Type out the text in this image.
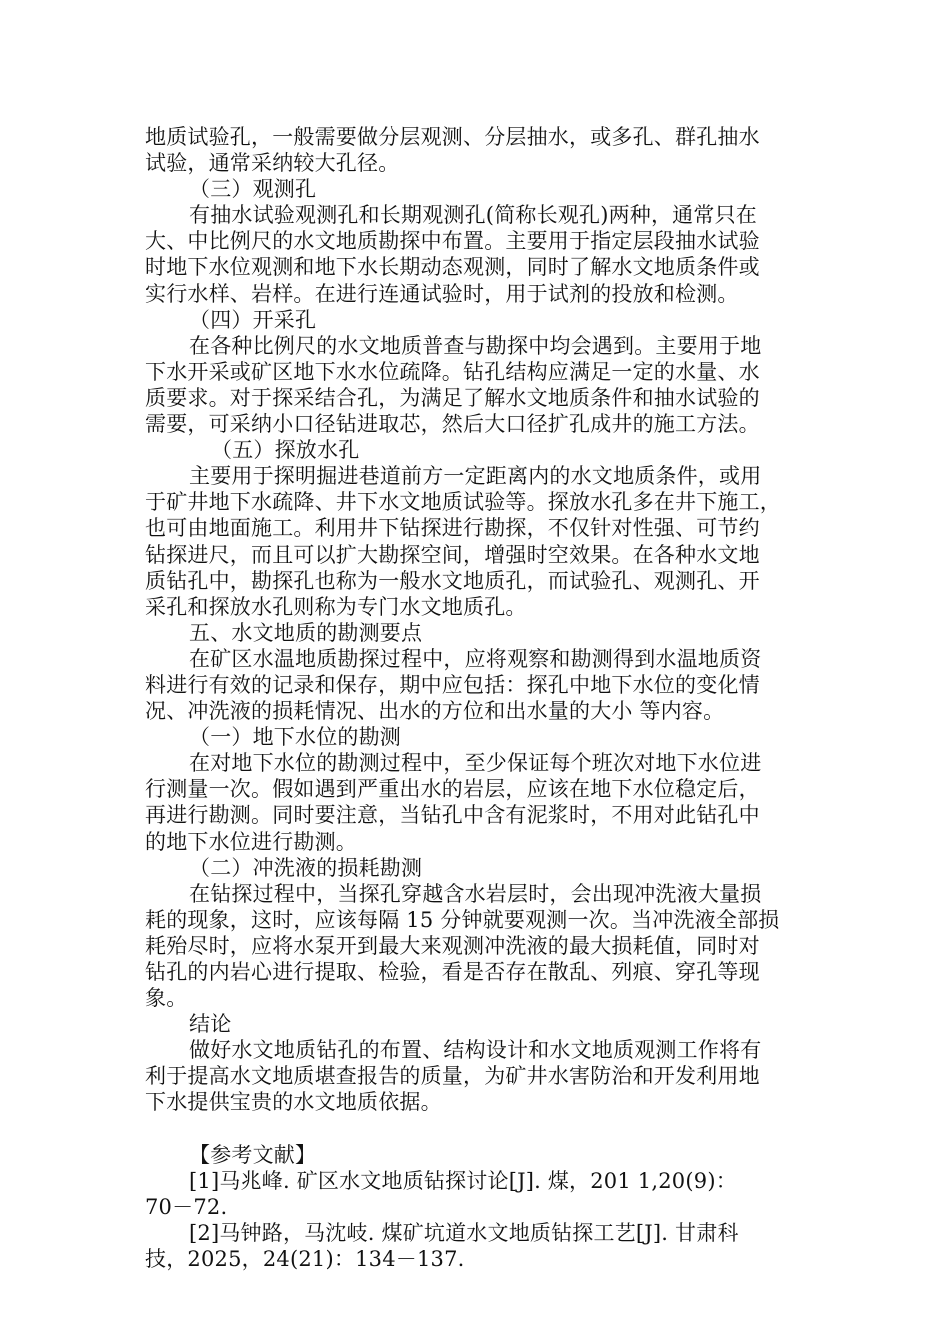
地质试验孔，一般需要做分层观测、分层抽水，或多孔、群孔抽水
试验，通常采纳较大孔径。
（三）观测孔
有抽水试验观测孔和长期观测孔(简称长观孔)两种，通常只在
大、中比例尺的水文地质勘探中布置。主要用于指定层段抽水试验
时地下水位观测和地下水长期动态观测，同时了解水文地质条件或
实行水样、岩样。在进行连通试验时，用于试剂的投放和检测。
（四）开采孔
在各种比例尺的水文地质普查与勘探中均会遇到。主要用于地
下水开采或矿区地下水水位疏降。钻孔结构应满足一定的水量、水
质要求。对于探采结合孔，为满足了解水文地质条件和抽水试验的
需要，可采纳小口径钻进取芯，然后大口径扩孔成井的施工方法。
（五）探放水孔
主要用于探明掘进巷道前方一定距离内的水文地质条件，或用
于矿井地下水疏降、井下水文地质试验等。探放水孔多在井下施工，
也可由地面施工。利用井下钻探进行勘探，不仅针对性强、可节约
钻探进尺，而且可以扩大勘探空间，增强时空效果。在各种水文地
质钻孔中，勘探孔也称为一般水文地质孔，而试验孔、观测孔、开
采孔和探放水孔则称为专门水文地质孔。
五、水文地质的勘测要点
在矿区水温地质勘探过程中，应将观察和勘测得到水温地质资
料进行有效的记录和保存，期中应包括：探孔中地下水位的变化情
况、冲洗液的损耗情况、出水的方位和出水量的大小 等内容。
（一）地下水位的勘测
在对地下水位的勘测过程中，至少保证每个班次对地下水位进
行测量一次。假如遇到严重出水的岩层，应该在地下水位稳定后，
再进行勘测。同时要注意，当钻孔中含有泥浆时，不用对此钻孔中
的地下水位进行勘测。
（二）冲洗液的损耗勘测
在钻探过程中，当探孔穿越含水岩层时，会出现冲洗液大量损
耗的现象，这时，应该每隔 15 分钟就要观测一次。当冲洗液全部损
耗殆尽时，应将水泵开到最大来观测冲洗液的最大损耗值，同时对
钻孔的内岩心进行提取、检验，看是否存在散乱、列痕、穿孔等现
象。
结论
做好水文地质钻孔的布置、结构设计和水文地质观测工作将有
利于提高水文地质堪查报告的质量，为矿井水害防治和开发利用地
下水提供宝贵的水文地质依据。
【参考文献】
[1]马兆峰. 矿区水文地质钻探讨论[J]. 煤，201 1,20(9)：
70－72.
[2]马钟路，马沈岐. 煤矿坑道水文地质钻探工艺[J]. 甘肃科
技，2025，24(21)：134－137.
